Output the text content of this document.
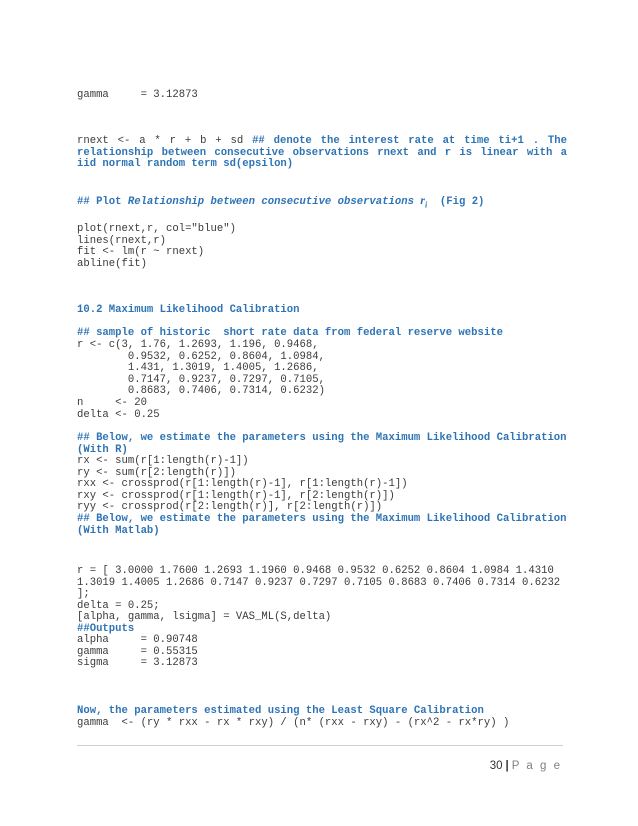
gamma     = 3.12873
rnext <- a * r + b + sd ## denote the interest rate at time ti+1 . The
relationship between consecutive observations rnext and r is linear with a
iid normal random term sd(epsilon)
## Plot Relationship between consecutive observations $r_i$  (Fig 2)
plot(rnext,r, col="blue")
lines(rnext,r)
fit <- lm(r ~ rnext)
abline(fit)
10.2 Maximum Likelihood Calibration
## sample of historic  short rate data from federal reserve website
r <- c(3, 1.76, 1.2693, 1.196, 0.9468,
0.9532, 0.6252, 0.8604, 1.0984,
1.431, 1.3019, 1.4005, 1.2686,
0.7147, 0.9237, 0.7297, 0.7105,
0.8683, 0.7406, 0.7314, 0.6232)
n     <- 20
delta <- 0.25
## Below, we estimate the parameters using the Maximum Likelihood Calibration
(With R)
rx <- sum(r[1:length(r)-1])
ry <- sum(r[2:length(r)])
rxx <- crossprod(r[1:length(r)-1], r[1:length(r)-1])
rxy <- crossprod(r[1:length(r)-1], r[2:length(r)])
ryy <- crossprod(r[2:length(r)], r[2:length(r)])
## Below, we estimate the parameters using the Maximum Likelihood Calibration
(With Matlab)
r = [ 3.0000 1.7600 1.2693 1.1960 0.9468 0.9532 0.6252 0.8604 1.0984 1.4310
1.3019 1.4005 1.2686 0.7147 0.9237 0.7297 0.7105 0.8683 0.7406 0.7314 0.6232
];
delta = 0.25;
[alpha, gamma, lsigma] = VAS_ML(S,delta)
##Outputs
alpha     = 0.90748
gamma     = 0.55315
sigma     = 3.12873
Now, the parameters estimated using the Least Square Calibration
gamma  <- (ry * rxx - rx * rxy) / (n* (rxx - rxy) - (rx^2 - rx*ry) )
30 | P a g e
